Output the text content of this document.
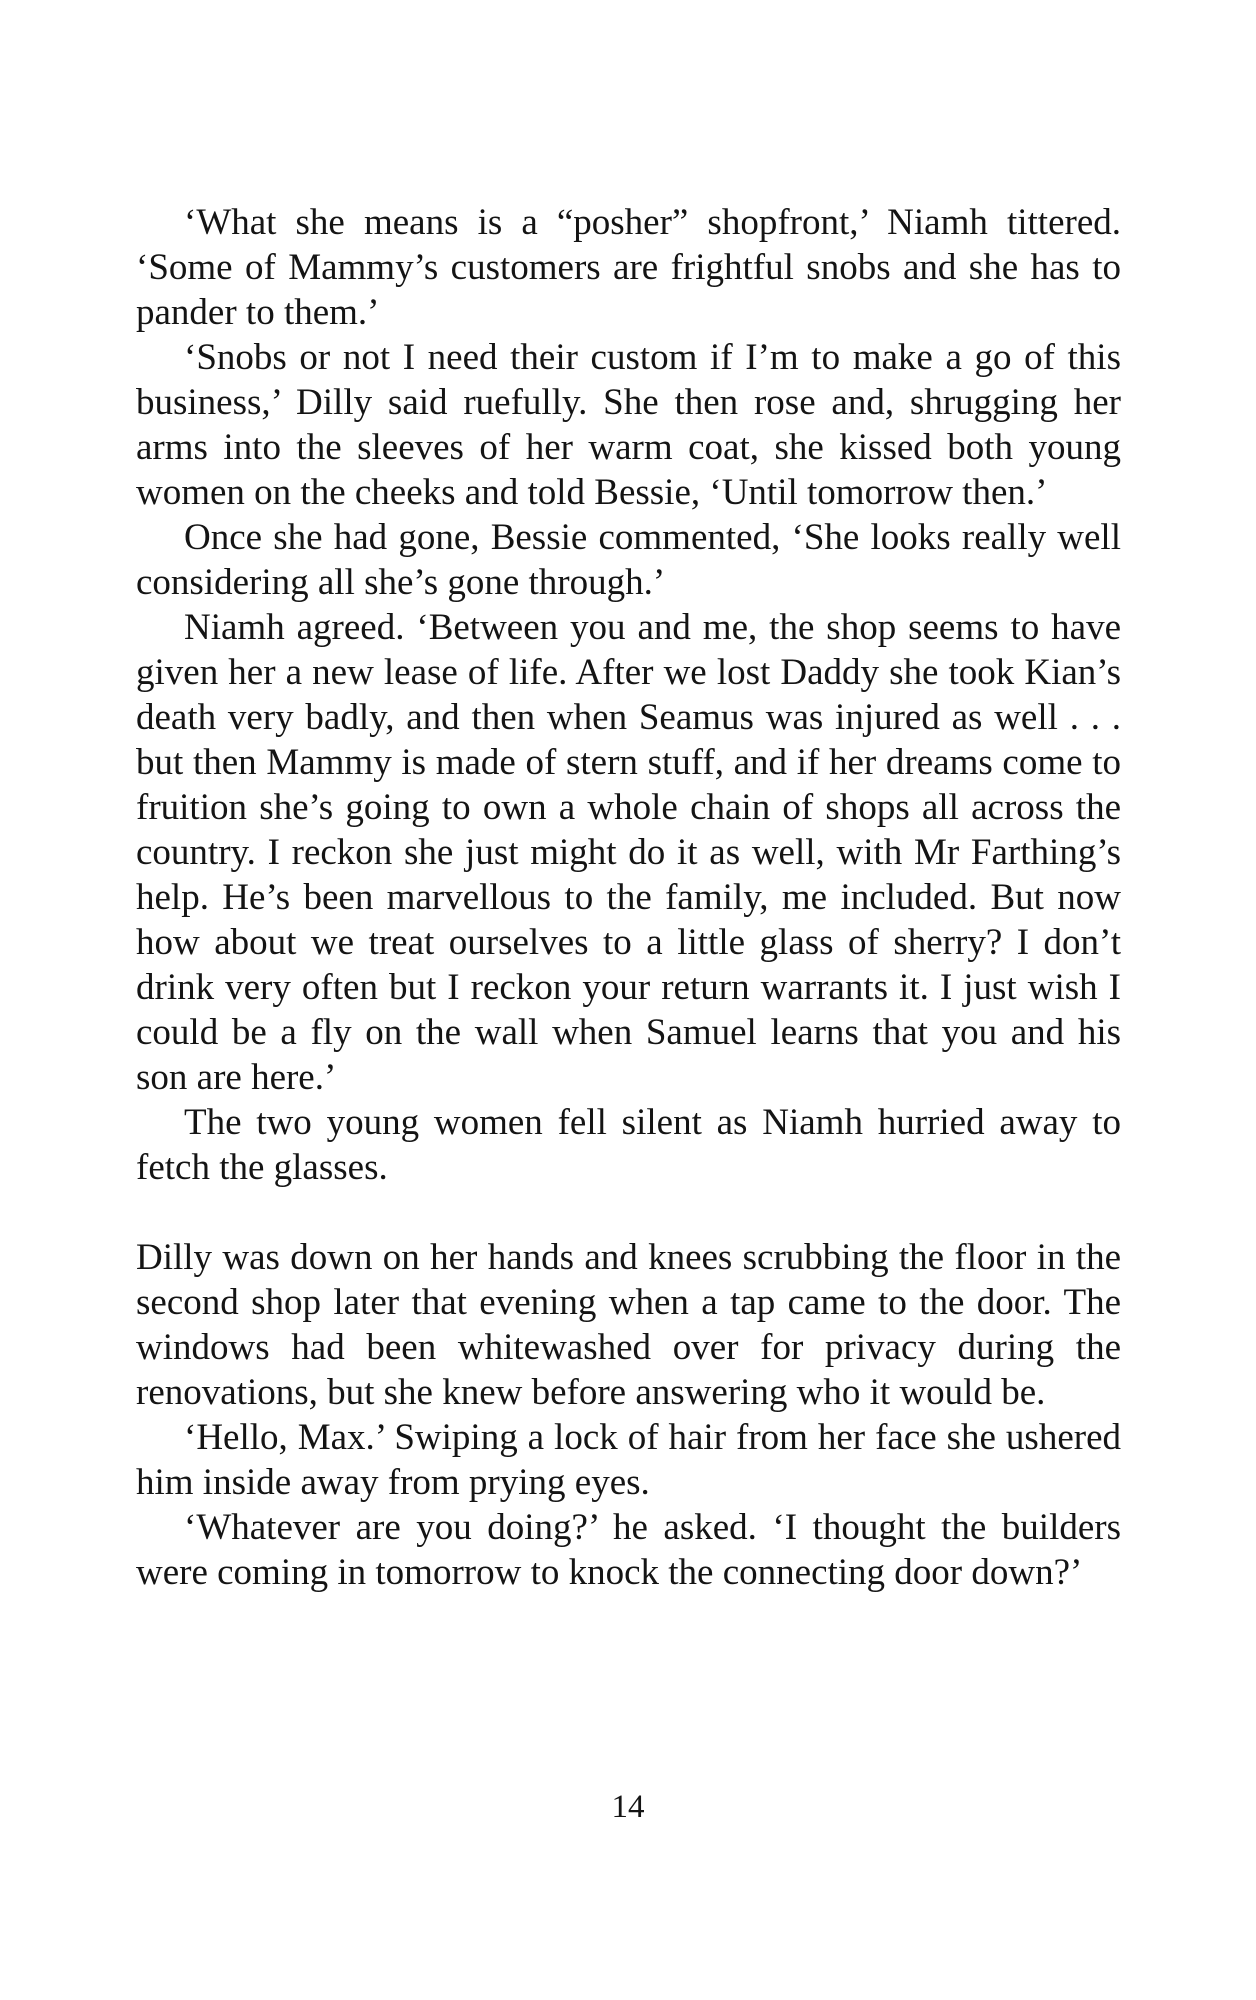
‘What she means is a “posher” shopfront,’ Niamh tittered. ‘Some of Mammy’s customers are frightful snobs and she has to pander to them.’

‘Snobs or not I need their custom if I’m to make a go of this business,’ Dilly said ruefully. She then rose and, shrugging her arms into the sleeves of her warm coat, she kissed both young women on the cheeks and told Bessie, ‘Until tomorrow then.’

Once she had gone, Bessie commented, ‘She looks really well considering all she’s gone through.’

Niamh agreed. ‘Between you and me, the shop seems to have given her a new lease of life. After we lost Daddy she took Kian’s death very badly, and then when Seamus was injured as well . . . but then Mammy is made of stern stuff, and if her dreams come to fruition she’s going to own a whole chain of shops all across the country. I reckon she just might do it as well, with Mr Farthing’s help. He’s been marvellous to the family, me included. But now how about we treat ourselves to a little glass of sherry? I don’t drink very often but I reckon your return warrants it. I just wish I could be a fly on the wall when Samuel learns that you and his son are here.’

The two young women fell silent as Niamh hurried away to fetch the glasses.

Dilly was down on her hands and knees scrubbing the floor in the second shop later that evening when a tap came to the door. The windows had been whitewashed over for privacy during the renovations, but she knew before answering who it would be.

‘Hello, Max.’ Swiping a lock of hair from her face she ushered him inside away from prying eyes.

‘Whatever are you doing?’ he asked. ‘I thought the builders were coming in tomorrow to knock the connecting door down?’

14
